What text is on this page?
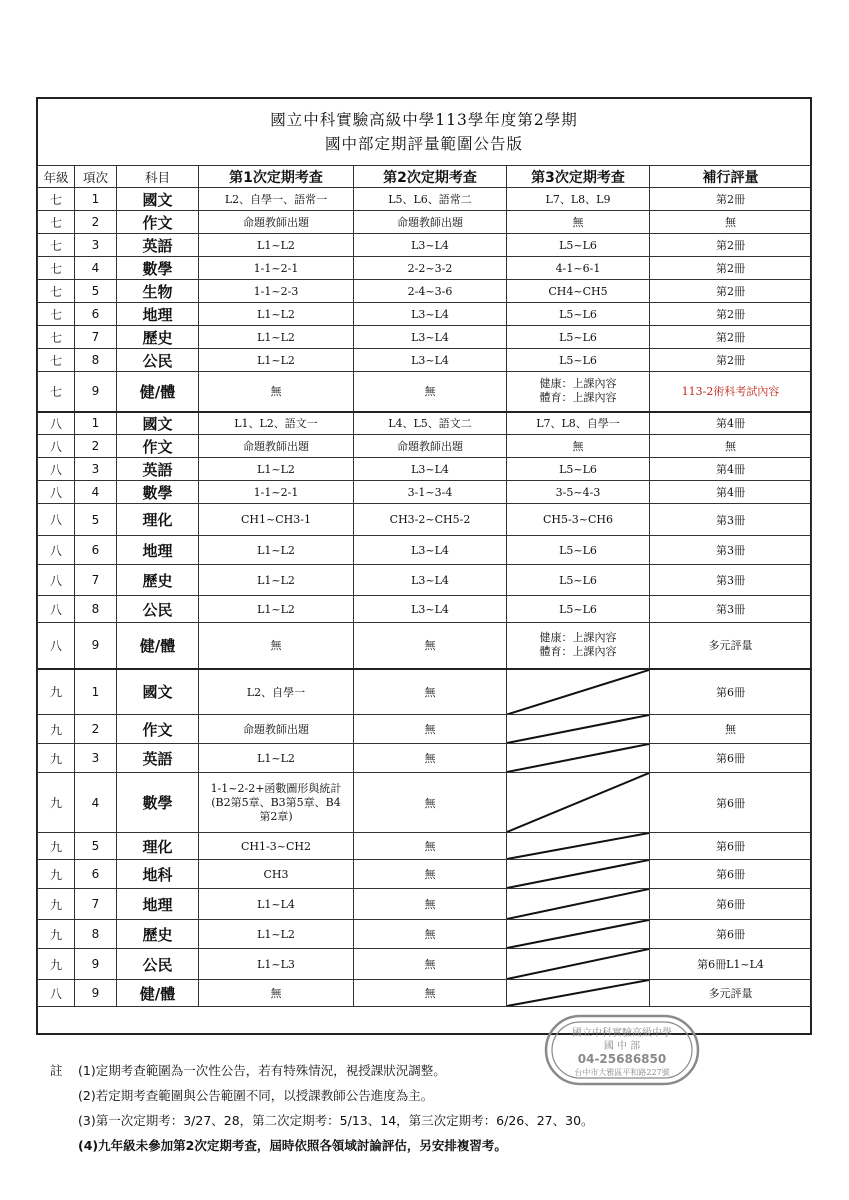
國立中科實驗高級中學113學年度第2學期
國中部定期評量範圍公告版
年級	項次	科目	第1次定期考查	第2次定期考查	第3次定期考查	補行評量
七	1	國文	L2、自學一、語常一	L5、L6、語常二	L7、L8、L9	第2冊
七	2	作文	命題教師出題	命題教師出題	無	無
七	3	英語	L1~L2	L3~L4	L5~L6	第2冊
七	4	數學	1-1~2-1	2-2~3-2	4-1~6-1	第2冊
七	5	生物	1-1~2-3	2-4~3-6	CH4~CH5	第2冊
七	6	地理	L1~L2	L3~L4	L5~L6	第2冊
七	7	歷史	L1~L2	L3~L4	L5~L6	第2冊
七	8	公民	L1~L2	L3~L4	L5~L6	第2冊
七	9	健/體	無	無	健康：上課內容
體育：上課內容	113-2術科考試內容
八	1	國文	L1、L2、語文一	L4、L5、語文二	L7、L8、自學一	第4冊
八	2	作文	命題教師出題	命題教師出題	無	無
八	3	英語	L1~L2	L3~L4	L5~L6	第4冊
八	4	數學	1-1~2-1	3-1~3-4	3-5~4-3	第4冊
八	5	理化	CH1~CH3-1	CH3-2~CH5-2	CH5-3~CH6	第3冊
八	6	地理	L1~L2	L3~L4	L5~L6	第3冊
八	7	歷史	L1~L2	L3~L4	L5~L6	第3冊
八	8	公民	L1~L2	L3~L4	L5~L6	第3冊
八	9	健/體	無	無	健康：上課內容
體育：上課內容	多元評量
九	1	國文	L2、自學一	無		第6冊
九	2	作文	命題教師出題	無		無
九	3	英語	L1~L2	無		第6冊
九	4	數學	1-1~2-2+函數圖形與統計
(B2第5章、B3第5章、B4
第2章)	無		第6冊
九	5	理化	CH1-3~CH2	無		第6冊
九	6	地科	CH3	無		第6冊
九	7	地理	L1~L4	無		第6冊
九	8	歷史	L1~L2	無		第6冊
九	9	公民	L1~L3	無		第6冊L1~L4
八	9	健/體	無	無		多元評量
註	(1)定期考查範圍為一次性公告，若有特殊情況，視授課狀況調整。
(2)若定期考查範圍與公告範圍不同，以授課教師公告進度為主。
(3)第一次定期考：3/27、28，第二次定期考：5/13、14，第三次定期考：6/26、27、30。
(4)九年級未參加第2次定期考查，屆時依照各領域討論評估，另安排複習考。
國立中科實驗高級中學
國 中 部
04-25686850
台中市大雅區平和路227號
